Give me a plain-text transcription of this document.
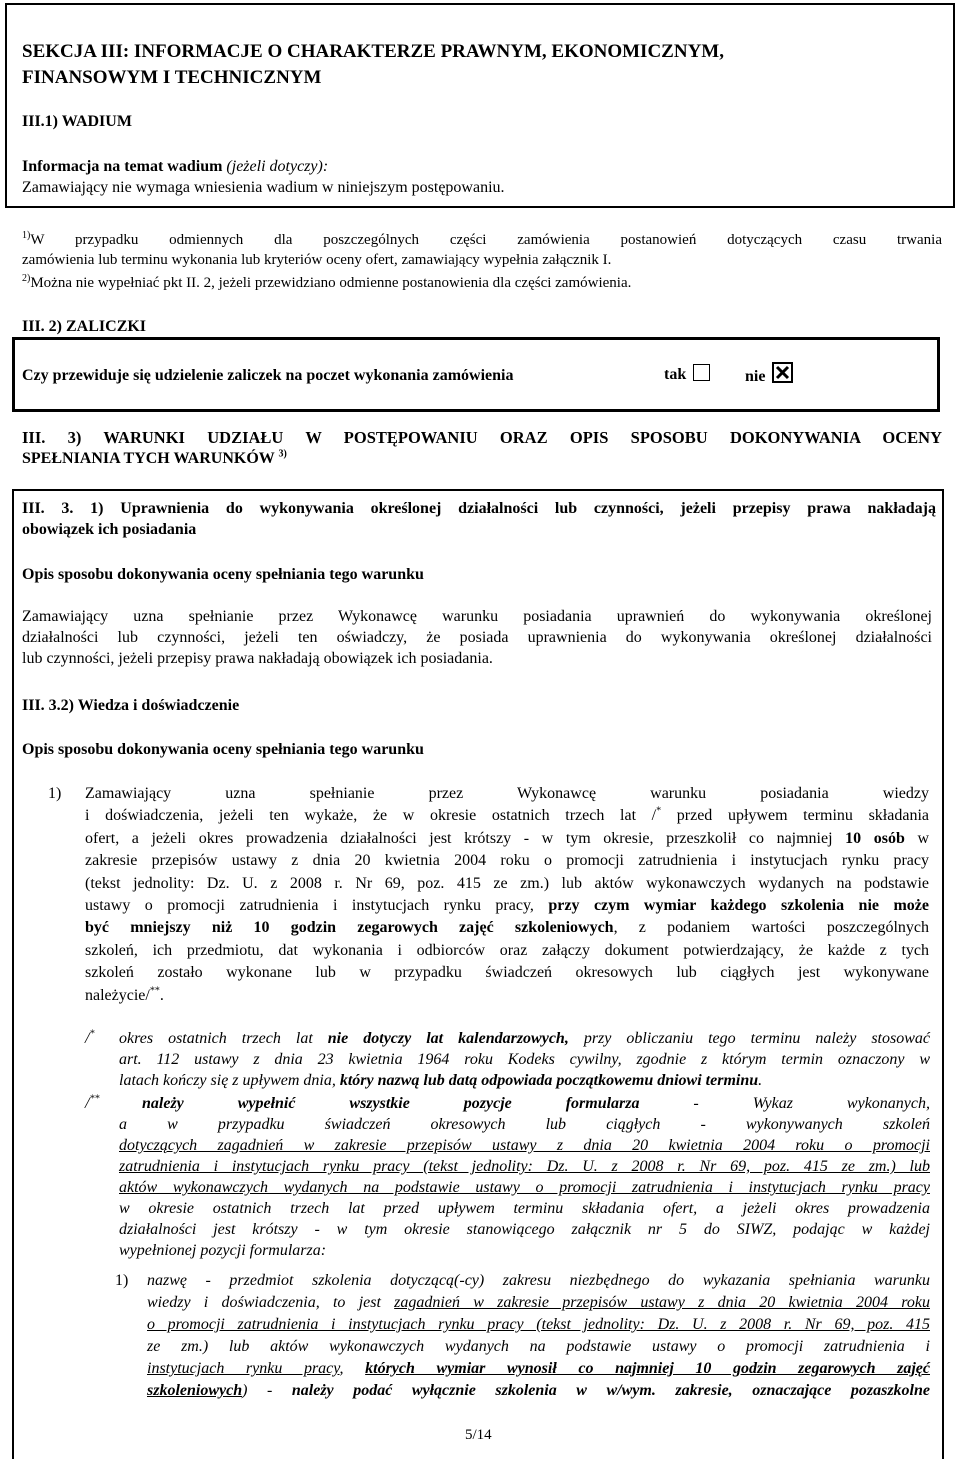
SEKCJA III: INFORMACJE O CHARAKTERZE PRAWNYM, EKONOMICZNYM,
FINANSOWYM I TECHNICZNYM
III.1) WADIUM
Informacja na temat wadium (jeżeli dotyczy):
Zamawiający nie wymaga wniesienia wadium w niniejszym postępowaniu.
$^{1)}$W przypadku odmiennych dla poszczególnych części zamówienia postanowień dotyczących czasu trwania
zamówienia lub terminu wykonania lub kryteriów oceny ofert, zamawiający wypełnia załącznik I.
$^{2)}$Można nie wypełniać pkt II. 2, jeżeli przewidziano odmienne postanowienia dla części zamówienia.
III. 2) ZALICZKI
Czy przewiduje się udzielenie zaliczek na poczet wykonania zamówienia	tak	nie
III. 3) WARUNKI UDZIAŁU W POSTĘPOWANIU ORAZ OPIS SPOSOBU DOKONYWANIA OCENY
SPEŁNIANIA TYCH WARUNKÓW $^{3)}$
III. 3. 1) Uprawnienia do wykonywania określonej działalności lub czynności, jeżeli przepisy prawa nakładają
obowiązek ich posiadania
Opis sposobu dokonywania oceny spełniania tego warunku
Zamawiający uzna spełnianie przez Wykonawcę warunku posiadania uprawnień do wykonywania określonej
działalności lub czynności, jeżeli ten oświadczy, że posiada uprawnienia do wykonywania określonej działalności
lub czynności, jeżeli przepisy prawa nakładają obowiązek ich posiadania.
III. 3.2) Wiedza i doświadczenie
Opis sposobu dokonywania oceny spełniania tego warunku
1) Zamawiający uzna spełnianie przez Wykonawcę warunku posiadania wiedzy
i doświadczenia, jeżeli ten wykaże, że w okresie ostatnich trzech lat /* przed upływem terminu składania
ofert, a jeżeli okres prowadzenia działalności jest krótszy - w tym okresie, przeszkolił co najmniej 10 osób w
zakresie przepisów ustawy z dnia 20 kwietnia 2004 roku o promocji zatrudnienia i instytucjach rynku pracy
(tekst jednolity: Dz. U. z 2008 r. Nr 69, poz. 415 ze zm.) lub aktów wykonawczych wydanych na podstawie
ustawy o promocji zatrudnienia i instytucjach rynku pracy, przy czym wymiar każdego szkolenia nie może
być mniejszy niż 10 godzin zegarowych zajęć szkoleniowych, z podaniem wartości poszczególnych
szkoleń, ich przedmiotu, dat wykonania i odbiorców oraz załączy dokument potwierdzający, że każde z tych
szkoleń zostało wykonane lub w przypadku świadczeń okresowych lub ciągłych jest wykonywane
należycie/**.
/* okres ostatnich trzech lat nie dotyczy lat kalendarzowych, przy obliczaniu tego terminu należy stosować
art. 112 ustawy z dnia 23 kwietnia 1964 roku Kodeks cywilny, zgodnie z którym termin oznaczony w
latach kończy się z upływem dnia, który nazwą lub datą odpowiada początkowemu dniowi terminu.
/**	należy wypełnić wszystkie pozycje formularza - Wykaz wykonanych,
a w przypadku świadczeń okresowych lub ciągłych - wykonywanych szkoleń
dotyczących zagadnień w zakresie przepisów ustawy z dnia 20 kwietnia 2004 roku o promocji
zatrudnienia i instytucjach rynku pracy (tekst jednolity: Dz. U. z 2008 r. Nr 69, poz. 415 ze zm.) lub
aktów wykonawczych wydanych na podstawie ustawy o promocji zatrudnienia i instytucjach rynku pracy
w okresie ostatnich trzech lat przed upływem terminu składania ofert, a jeżeli okres prowadzenia
działalności jest krótszy - w tym okresie stanowiącego załącznik nr 5 do SIWZ, podając w każdej
wypełnionej pozycji formularza:
1) nazwę - przedmiot szkolenia dotyczącą(-cy) zakresu niezbędnego do wykazania spełniania warunku
wiedzy i doświadczenia, to jest zagadnień w zakresie przepisów ustawy z dnia 20 kwietnia 2004 roku
o promocji zatrudnienia i instytucjach rynku pracy (tekst jednolity: Dz. U. z 2008 r. Nr 69, poz. 415
ze zm.) lub aktów wykonawczych wydanych na podstawie ustawy o promocji zatrudnienia i
instytucjach rynku pracy, których wymiar wynosił co najmniej 10 godzin zegarowych zajęć
szkoleniowych) - należy podać wyłącznie szkolenia w w/wym. zakresie, oznaczające pozaszkolne
5/14
